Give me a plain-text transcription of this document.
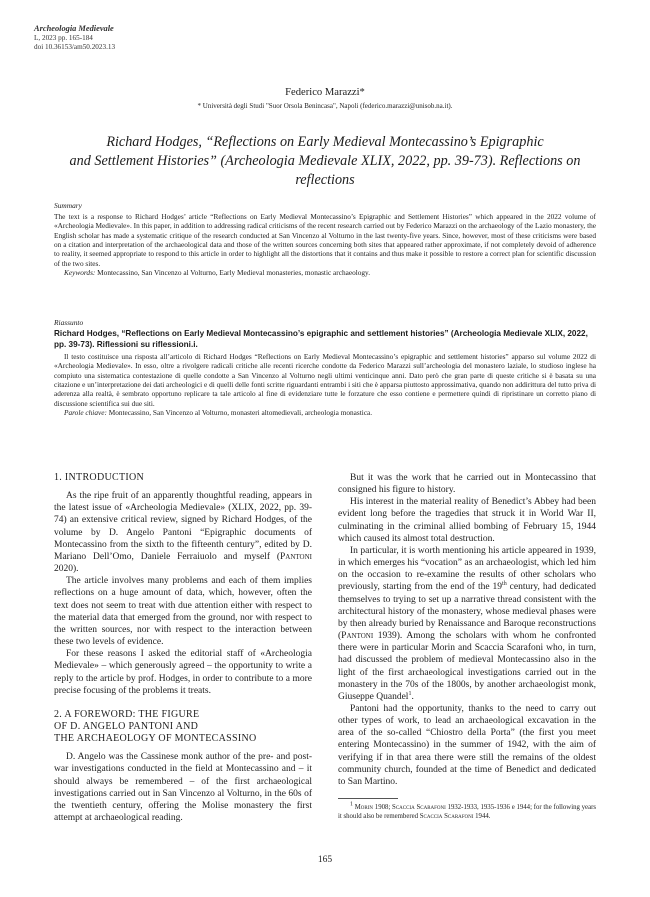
Archeologia Medievale
L, 2023 pp. 165-184
doi 10.36153/am50.2023.13
Federico Marazzi*
* Università degli Studi "Suor Orsola Benincasa", Napoli (federico.marazzi@unisob.na.it).
Richard Hodges, “Reflections on Early Medieval Montecassino’s Epigraphic
and Settlement Histories” (Archeologia Medievale XLIX, 2022, pp. 39-73). Reflections on reflections
Summary

The text is a response to Richard Hodges’ article “Reflections on Early Medieval Montecassino’s Epigraphic and Settlement Histories” which appeared in the 2022 volume of «Archeologia Medievale». In this paper, in addition to addressing radical criticisms of the recent research carried out by Federico Marazzi on the archaeology of the Lazio monastery, the English scholar has made a systematic critique of the research conducted at San Vincenzo al Volturno in the last twenty-five years. Since, however, most of these criticisms were based on a citation and interpretation of the archaeological data and those of the written sources concerning both sites that appeared rather approximate, if not completely devoid of adherence to reality, it seemed appropriate to respond to this article in order to highlight all the distortions that it contains and thus make it possible to restore a correct plan for scientific discussion of the two sites.

Keywords: Montecassino, San Vincenzo al Volturno, Early Medieval monasteries, monastic archaeology.

Riassunto
Richard Hodges, “Reflections on Early Medieval Montecassino’s epigraphic and settlement histories” (Archeologia Medievale XLIX, 2022, pp. 39-73). Riflessioni su riflessioni.i.

Il testo costituisce una risposta all’articolo di Richard Hodges “Reflections on Early Medieval Montecassino’s epigraphic and settlement histories” apparso sul volume 2022 di «Archeologia Medievale». In esso, oltre a rivolgere radicali critiche alle recenti ricerche condotte da Federico Marazzi sull’archeologia del monastero laziale, lo studioso inglese ha compiuto una sistematica contestazione di quelle condotte a San Vincenzo al Volturno negli ultimi venticinque anni. Dato però che gran parte di queste critiche si è basata su una citazione e un’interpretazione dei dati archeologici e di quelli delle fonti scritte riguardanti entrambi i siti che è apparsa piuttosto approssimativa, quando non addirittura del tutto priva di aderenza alla realtà, è sembrato opportuno replicare ta tale articolo al fine di evidenziare tutte le forzature che esso contiene e permettere quindi di ripristinare un corretto piano di discussione scientifica sui due siti.

Parole chiave: Montecassino, San Vincenzo al Volturno, monasteri altomedievali, archeologia monastica.

1. INTRODUCTION

As the ripe fruit of an apparently thoughtful reading, appears in the latest issue of «Archeologia Medievale» (XLIX, 2022, pp. 39-74) an extensive critical review, signed by Richard Hodges, of the volume by D. Angelo Pantoni “Epigraphic documents of Montecassino from the sixth to the fifteenth century”, edited by D. Mariano Dell’Omo, Daniele Ferraiuolo and myself (Pantoni 2020).

The article involves many problems and each of them implies reflections on a huge amount of data, which, however, often the text does not seem to treat with due attention either with respect to the material data that emerged from the ground, nor with respect to the written sources, nor with respect to the interaction between these two levels of evidence.

For these reasons I asked the editorial staff of «Archeologia Medievale» – which generously agreed – the opportunity to write a reply to the article by prof. Hodges, in order to contribute to a more precise focusing of the problems it treats.

2. A FOREWORD: THE FIGURE

OF D. ANGELO PANTONI AND

THE ARCHAEOLOGY OF MONTECASSINO

D. Angelo was the Cassinese monk author of the pre- and post-war investigations conducted in the field at Montecassino and – it should always be remembered – of the first archaeological investigations carried out in San Vincenzo al Volturno, in the 60s of the twentieth century, offering the Molise monastery the first attempt at archaeological reading.

But it was the work that he carried out in Montecassino that consigned his figure to history.

His interest in the material reality of Benedict’s Abbey had been evident long before the tragedies that struck it in World War II, culminating in the criminal allied bombing of February 15, 1944 which caused its almost total destruction.

In particular, it is worth mentioning his article appeared in 1939, in which emerges his “vocation” as an archaeologist, which led him on the occasion to re-examine the results of other scholars who previously, starting from the end of the 19th century, had dedicated themselves to trying to set up a narrative thread consistent with the architectural history of the monastery, whose medieval phases were by then already buried by Renaissance and Baroque reconstructions (Pantoni 1939). Among the scholars with whom he confronted there were in particular Morin and Scaccia Scarafoni who, in turn, had discussed the problem of medieval Montecassino also in the light of the first archaeological investigations carried out in the monastery in the 70s of the 1800s, by another archaeologist monk, Giuseppe Quandel$^1$.

Pantoni had the opportunity, thanks to the need to carry out other types of work, to lead an archaeological excavation in the area of the so-called “Chiostro della Porta” (the first you meet entering Montecassino) in the summer of 1942, with the aim of verifying if in that area there were still the remains of the oldest community church, founded at the time of Benedict and dedicated to San Martino.

$^1$ Morin 1908; Scaccia Scarafoni 1932-1933, 1935-1936 e 1944; for the following years it should also be remembered Scaccia Scarafoni 1944.

165
